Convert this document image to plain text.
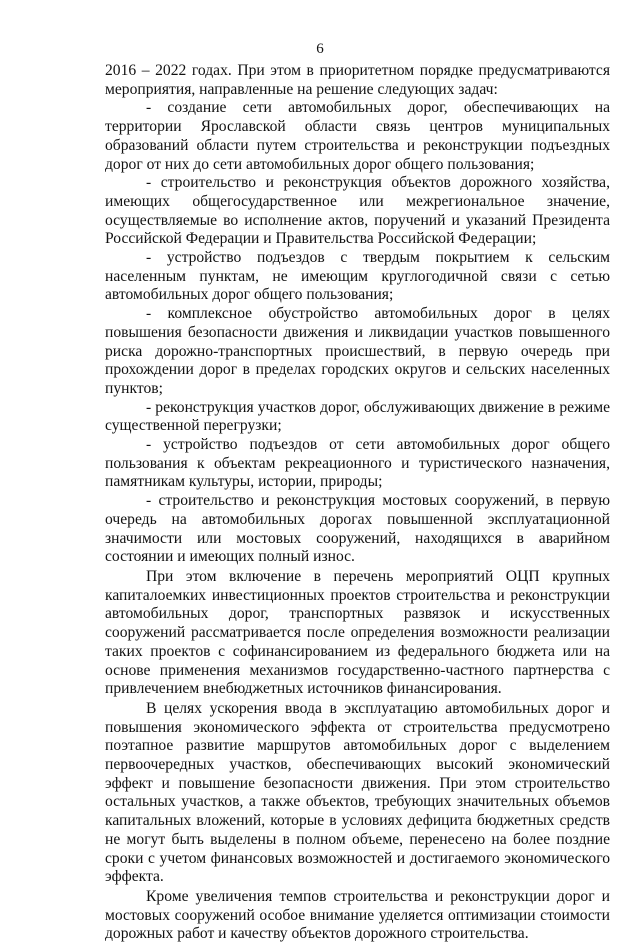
6

2016 – 2022 годах. При этом в приоритетном порядке предусматриваются мероприятия, направленные на решение следующих задач:

- создание сети автомобильных дорог, обеспечивающих на территории Ярославской области связь центров муниципальных образований области путем строительства и реконструкции подъездных дорог от них до сети автомобильных дорог общего пользования;

- строительство и реконструкция объектов дорожного хозяйства, имеющих общегосударственное или межрегиональное значение, осуществляемые во исполнение актов, поручений и указаний Президента Российской Федерации и Правительства Российской Федерации;

- устройство подъездов с твердым покрытием к сельским населенным пунктам, не имеющим круглогодичной связи с сетью автомобильных дорог общего пользования;

- комплексное обустройство автомобильных дорог в целях повышения безопасности движения и ликвидации участков повышенного риска дорожно-транспортных происшествий, в первую очередь при прохождении дорог в пределах городских округов и сельских населенных пунктов;

- реконструкция участков дорог, обслуживающих движение в режиме существенной перегрузки;

- устройство подъездов от сети автомобильных дорог общего пользования к объектам рекреационного и туристического назначения, памятникам культуры, истории, природы;

- строительство и реконструкция мостовых сооружений, в первую очередь на автомобильных дорогах повышенной эксплуатационной значимости или мостовых сооружений, находящихся в аварийном состоянии и имеющих полный износ.

При этом включение в перечень мероприятий ОЦП крупных капиталоемких инвестиционных проектов строительства и реконструкции автомобильных дорог, транспортных развязок и искусственных сооружений рассматривается после определения возможности реализации таких проектов с софинансированием из федерального бюджета или на основе применения механизмов государственно-частного партнерства с привлечением внебюджетных источников финансирования.

В целях ускорения ввода в эксплуатацию автомобильных дорог и повышения экономического эффекта от строительства предусмотрено поэтапное развитие маршрутов автомобильных дорог с выделением первоочередных участков, обеспечивающих высокий экономический эффект и повышение безопасности движения. При этом строительство остальных участков, а также объектов, требующих значительных объемов капитальных вложений, которые в условиях дефицита бюджетных средств не могут быть выделены в полном объеме, перенесено на более поздние сроки с учетом финансовых возможностей и достигаемого экономического эффекта.

Кроме увеличения темпов строительства и реконструкции дорог и мостовых сооружений особое внимание уделяется оптимизации стоимости дорожных работ и качеству объектов дорожного строительства.
